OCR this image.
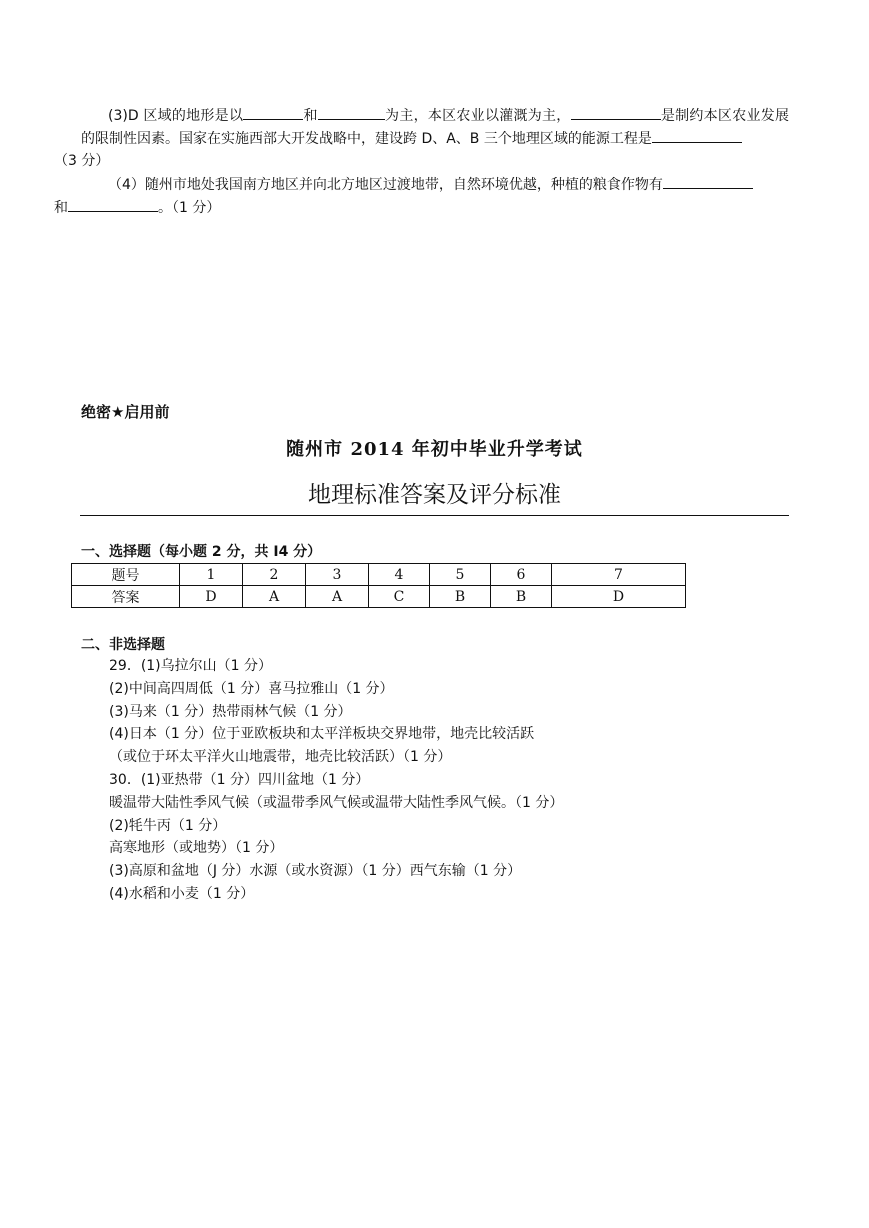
(3)D 区域的地形是以	和	为主，本区农业以灌溉为主，	是制约本区农业发展的限制性因素。国家在实施西部大开发战略中，建设跨 D、A、B 三个地理区域的能源工程是
（3 分）
（4）随州市地处我国南方地区并向北方地区过渡地带，自然环境优越，种植的粮食作物有
和	。（1 分）
绝密★启用前
随州市 2014 年初中毕业升学考试
地理标准答案及评分标准
一、选择题（每小题 2 分，共 I4 分）
题号	1	2	3	4	5	6	7
答案	D	A	A	C	B	B	D
二、非选择题
29．(1)乌拉尔山（1 分）
(2)中间高四周低（1 分）喜马拉雅山（1 分）
(3)马来（1 分）热带雨林气候（1 分）
(4)日本（1 分）位于亚欧板块和太平洋板块交界地带，地壳比较活跃
（或位于环太平洋火山地震带，地壳比较活跃）（1 分）
30．(1)亚热带（1 分）四川盆地（1 分）
暖温带大陆性季风气候（或温带季风气候或温带大陆性季风气候。（1 分）
(2)牦牛丙（1 分）
高寒地形（或地势）（1 分）
(3)高原和盆地（J 分）水源（或水资源）（1 分）西气东输（1 分）
(4)水稻和小麦（1 分）
